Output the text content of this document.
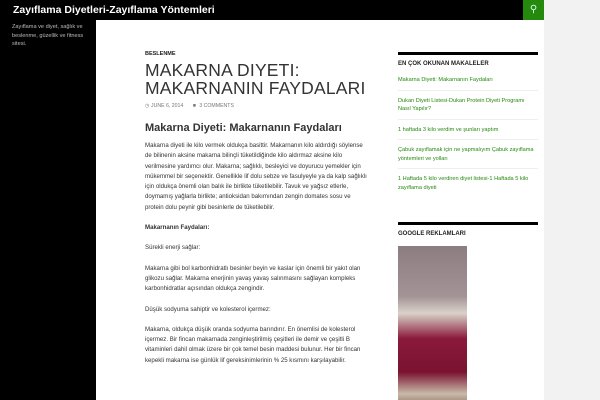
Zayıflama Diyetleri-Zayıflama Yöntemleri	⚲
Zayıflama ve diyet, sağlık ve beslenme, güzellik ve fitness sitesi.
BESLENME
MAKARNA DIYETI: MAKARNANIN FAYDALARI
◷ JUNE 6, 2014 ■ 3 COMMENTS
Makarna Diyeti: Makarnanın Faydaları

Makarna diyeti ile kilo vermek oldukça basittir. Makarnanın kilo aldırdığı söylense de bilinenin aksine makarna bilinçli tüketildiğinde kilo aldırmaz aksine kilo verilmesine yardımcı olur. Makarna; sağlıklı, besleyici ve doyurucu yemekler için mükemmel bir seçenektir. Genellikle lif dolu sebze ve fasulyeyle ya da kalp sağlıklı için oldukça önemli olan balık ile birlikte tüketilebilir. Tavuk ve yağsız etlerle, doymamış yağlarla birlikte; antioksidan bakımından zengin domates sosu ve protein dolu peynir gibi besinlerle de tüketilebilir.

Makarnanın Faydaları:

Sürekli enerji sağlar:

Makarna gibi bol karbonhidratlı besinler beyin ve kaslar için önemli bir yakıt olan glikozu sağlar. Makarna enerjinin yavaş yavaş salınmasını sağlayan kompleks karbonhidratlar açısından oldukça zengindir.

Düşük sodyuma sahiptir ve kolesterol içermez:

Makarna, oldukça düşük oranda sodyuma barındırır. En önemlisi de kolesterol içermez. Bir fincan makarnada zenginleştirilmiş çeşitleri ile demir ve çeşitli B vitaminleri dahil olmak üzere bir çok temel besin maddesi bulunur. Her bir fincan kepekli makarna ise günlük lif gereksinimlerinin % 25 kısmını karşılayabilir.

EN ÇOK OKUNAN MAKALELER
Makarna Diyeti: Makarnanın Faydaları
Dukan Diyeti Listesi-Dukan Protein Diyeti Programı Nasıl Yapılır?
1 haftada 3 kilo verdim ve şunları yaptım
Çabuk zayıflamak için ne yapmalıyım Çabuk zayıflama yöntemleri ve yolları
1 Haftada 5 kilo verdiren diyet listesi-1 Haftada 5 kilo zayıflama diyeti
GOOGLE REKLAMLARI
